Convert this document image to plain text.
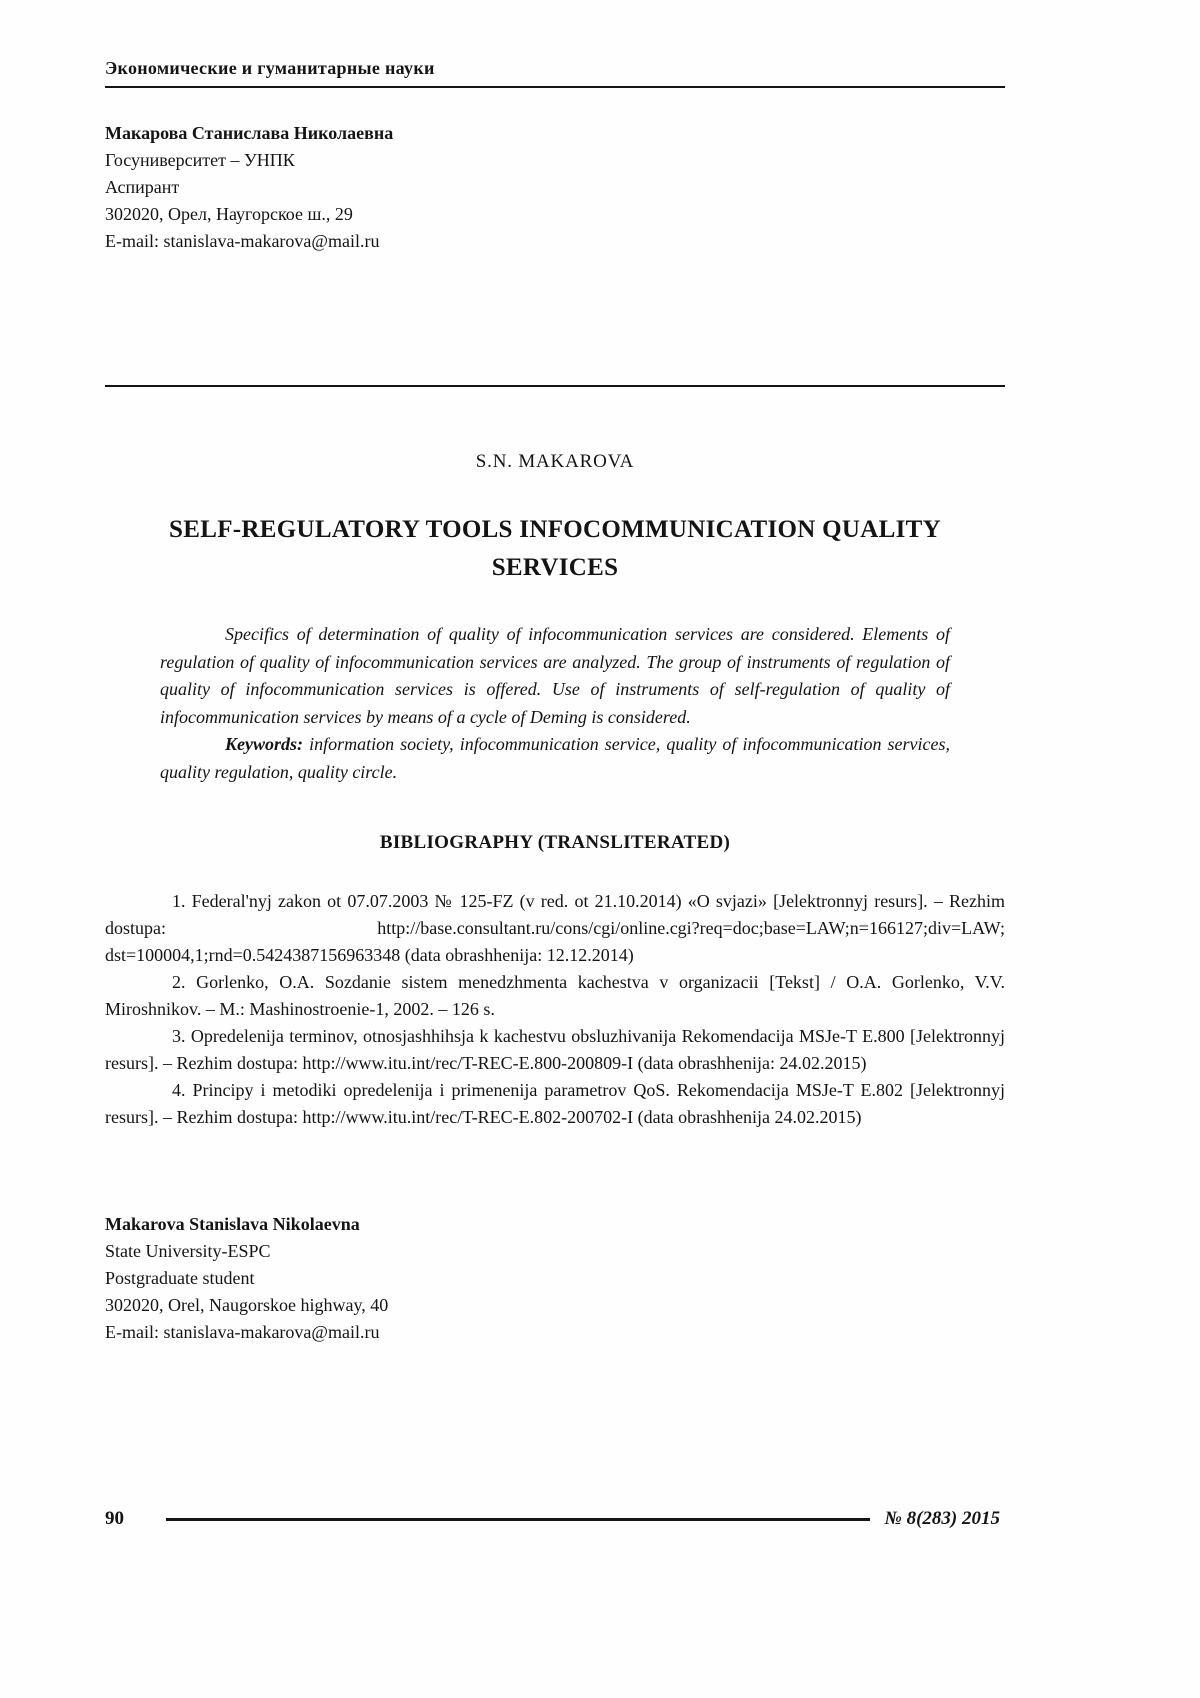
Экономические и гуманитарные науки

Макарова Станислава Николаевна

Госуниверситет – УНПК

Аспирант

302020, Орел, Наугорское ш., 29

E-mail: stanislava-makarova@mail.ru

S.N. MAKAROVA
SELF-REGULATORY TOOLS INFOCOMMUNICATION QUALITY SERVICES

Specifics of determination of quality of infocommunication services are considered. Elements of regulation of quality of infocommunication services are analyzed. The group of instruments of regulation of quality of infocommunication services is offered. Use of instruments of self-regulation of quality of infocommunication services by means of a cycle of Deming is considered.

Keywords: information society, infocommunication service, quality of infocommunication services, quality regulation, quality circle.

BIBLIOGRAPHY (TRANSLITERATED)

1. Federal'nyj zakon ot 07.07.2003 № 125-FZ (v red. ot 21.10.2014) «O svjazi» [Jelektronnyj resurs]. – Rezhim dostupa: http://base.consultant.ru/cons/cgi/online.cgi?req=doc;base=LAW;n=166127;div=LAW; dst=100004,1;rnd=0.5424387156963348 (data obrashhenija: 12.12.2014)

2. Gorlenko, O.A. Sozdanie sistem menedzhmenta kachestva v organizacii [Tekst] / O.A. Gorlenko, V.V. Miroshnikov. – M.: Mashinostroenie-1, 2002. – 126 s.

3. Opredelenija terminov, otnosjashhihsja k kachestvu obsluzhivanija Rekomendacija MSJe-T E.800 [Jelektronnyj resurs]. – Rezhim dostupa: http://www.itu.int/rec/T-REC-E.800-200809-I (data obrashhenija: 24.02.2015)

4. Principy i metodiki opredelenija i primenenija parametrov QoS. Rekomendacija MSJe-T E.802 [Jelektronnyj resurs]. – Rezhim dostupa: http://www.itu.int/rec/T-REC-E.802-200702-I (data obrashhenija 24.02.2015)

Makarova Stanislava Nikolaevna

State University-ESPC

Postgraduate student

302020, Orel, Naugorskoe highway, 40

E-mail: stanislava-makarova@mail.ru

90	№ 8(283) 2015
